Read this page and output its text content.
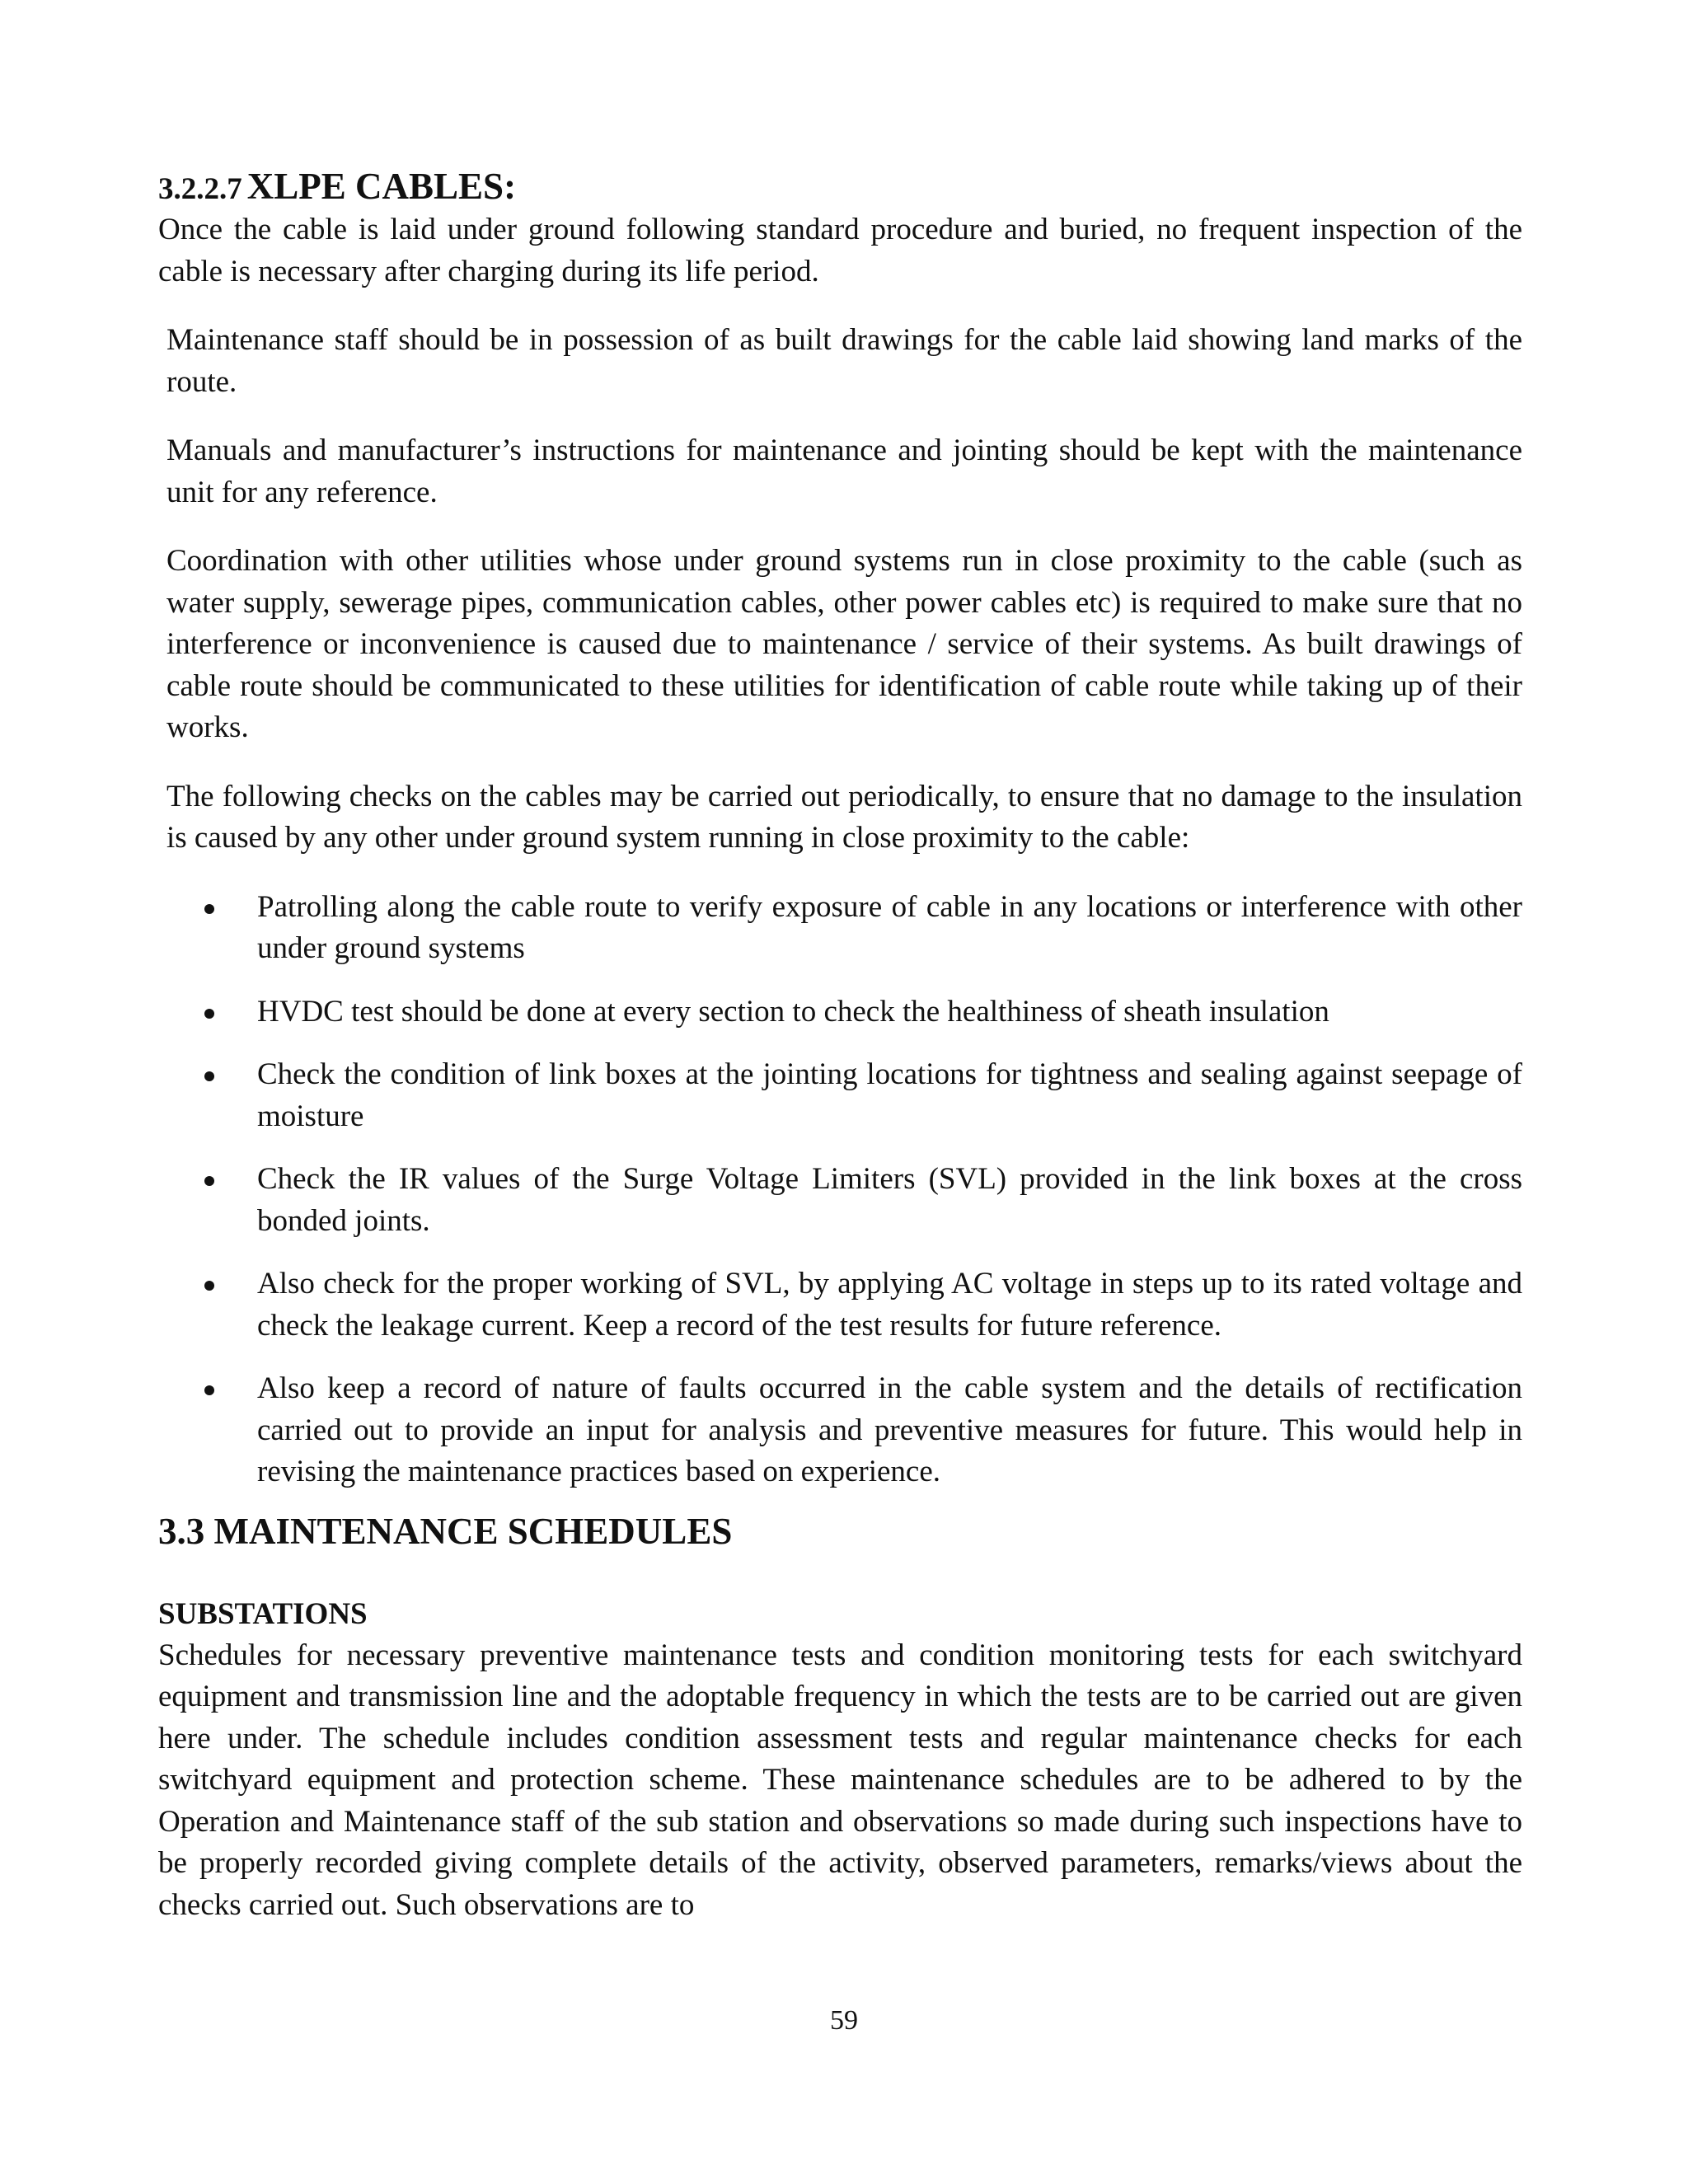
3.2.2.7 XLPE CABLES:

Once the cable is laid under ground following standard procedure and buried, no frequent inspection of the cable is necessary after charging during its life period.

Maintenance staff should be in possession of as built drawings for the cable laid showing land marks of the route.

Manuals and manufacturer’s instructions for maintenance and jointing should be kept with the maintenance unit for any reference.

Coordination with other utilities whose under ground systems run in close proximity to the cable (such as water supply, sewerage pipes, communication cables, other power cables etc) is required to make sure that no interference or inconvenience is caused due to maintenance / service of their systems. As built drawings of cable route should be communicated to these utilities for identification of cable route while taking up of their works.

The following checks on the cables may be carried out periodically, to ensure that no damage to the insulation is caused by any other under ground system running in close proximity to the cable:

Patrolling along the cable route to verify exposure of cable in any locations or interference with other under ground systems
HVDC test should be done at every section to check the healthiness of sheath insulation
Check the condition of link boxes at the jointing locations for tightness and sealing against seepage of moisture
Check the IR values of the Surge Voltage Limiters (SVL) provided in the link boxes at the cross bonded joints.
Also check for the proper working of SVL, by applying AC voltage in steps up to its rated voltage and check the leakage current. Keep a record of the test results for future reference.
Also keep a record of nature of faults occurred in the cable system and the details of rectification carried out to provide an input for analysis and preventive measures for future. This would help in revising the maintenance practices based on experience.
3.3 MAINTENANCE SCHEDULES
SUBSTATIONS

Schedules for necessary preventive maintenance tests and condition monitoring tests for each switchyard equipment and transmission line and the adoptable frequency in which the tests are to be carried out are given here under. The schedule includes condition assessment tests and regular maintenance checks for each switchyard equipment and protection scheme. These maintenance schedules are to be adhered to by the Operation and Maintenance staff of the sub station and observations so made during such inspections have to be properly recorded giving complete details of the activity, observed parameters, remarks/views about the checks carried out. Such observations are to

59
